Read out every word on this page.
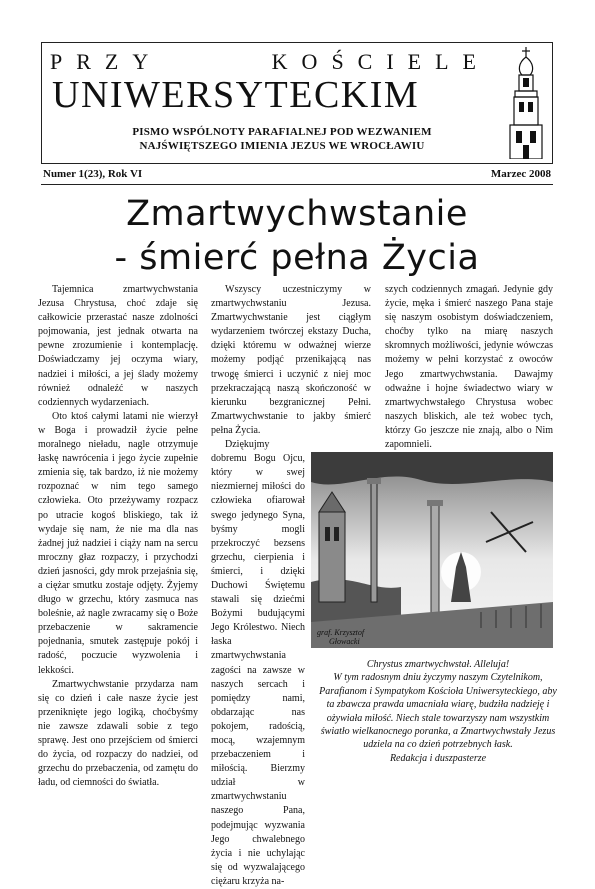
PRZY	KOŚCIELE
UNIWERSYTECKIM
PISMO WSPÓLNOTY PARAFIALNEJ POD WEZWANIEM
NAJŚWIĘTSZEGO IMIENIA JEZUS WE WROCŁAWIU
Numer 1(23), Rok VI	Marzec 2008
Zmartwychwstanie
- śmierć pełna Życia

Tajemnica zmartwychwstania Jezusa Chrystusa, choć zdaje się całkowicie przerastać nasze zdolności pojmowania, jest jednak otwarta na pewne zrozumienie i kontemplację. Doświadczamy jej oczyma wiary, nadziei i miłości, a jej ślady możemy również odnaleźć w naszych codziennych wydarzeniach.

Oto ktoś całymi latami nie wierzył w Boga i prowadził życie pełne moralnego nieładu, nagle otrzymuje łaskę nawrócenia i jego życie zupełnie zmienia się, tak bardzo, iż nie możemy rozpoznać w nim tego samego człowieka. Oto przeżywamy rozpacz po utracie kogoś bliskiego, tak iż wydaje się nam, że nie ma dla nas żadnej już nadziei i ciąży nam na sercu mroczny głaz rozpaczy, i przychodzi dzień jasności, gdy mrok przejaśnia się, a ciężar smutku zostaje odjęty. Żyjemy długo w grzechu, który zasmuca nas boleśnie, aż nagle zwracamy się o Boże przebaczenie w sakramencie pojednania, smutek zastępuje pokój i radość, poczucie wyzwolenia i lekkości.

Zmartwychwstanie przydarza nam się co dzień i całe nasze życie jest przeniknięte jego logiką, choćbyśmy nie zawsze zdawali sobie z tego sprawę. Jest ono przejściem od śmierci do życia, od rozpaczy do nadziei, od grzechu do przebaczenia, od zamętu do ładu, od ciemności do światła.

Wszyscy uczestniczymy w zmartwychwstaniu Jezusa. Zmartwychwstanie jest ciągłym wydarzeniem twórczej ekstazy Ducha, dzięki któremu w odważnej wierze możemy podjąć przenikającą nas trwogę śmierci i uczynić z niej moc przekraczającą naszą skończoność w kierunku bezgranicznej Pełni. Zmartwychwstanie to jakby śmierć pełna Życia.

Dziękujmy dobremu Bogu Ojcu, który w swej niezmiernej miłości do człowieka ofiarował swego jedynego Syna, byśmy mogli przekroczyć bezsens grzechu, cierpienia i śmierci, i dzięki Duchowi Świętemu stawali się dziećmi Bożymi budującymi Jego Królestwo. Niech łaska zmartwychwstania zagości na zawsze w naszych sercach i pomiędzy nami, obdarzając nas pokojem, radością, mocą, wzajemnym przebaczeniem i miłością. Bierzmy udział w zmartwychwstaniu naszego Pana, podejmując wyzwania Jego chwalebnego życia i nie uchylając się od wyzwalającego ciężaru krzyża na-

szych codziennych zmagań. Jedynie gdy życie, męka i śmierć naszego Pana staje się naszym osobistym doświadczeniem, choćby tylko na miarę naszych skromnych możliwości, jedynie wówczas możemy w pełni korzystać z owoców Jego zmartwychwstania. Dawajmy odważne i hojne świadectwo wiary w zmartwychwstałego Chrystusa wobec naszych bliskich, ale też wobec tych, którzy Go jeszcze nie znają, albo o Nim zapomnieli.

graf. Krzysztof
Głowacki

Chrystus zmartwychwstał. Alleluja!

W tym radosnym dniu życzymy naszym Czytelnikom, Parafianom i Sympatykom Kościoła Uniwersyteckiego, aby ta zbawcza prawda umacniała wiarę, budziła nadzieję i ożywiała miłość. Niech stale towarzyszy nam wszystkim światło wielkanocnego poranka, a Zmartwychwstały Jezus udziela na co dzień potrzebnych łask.

Redakcja i duszpasterze
